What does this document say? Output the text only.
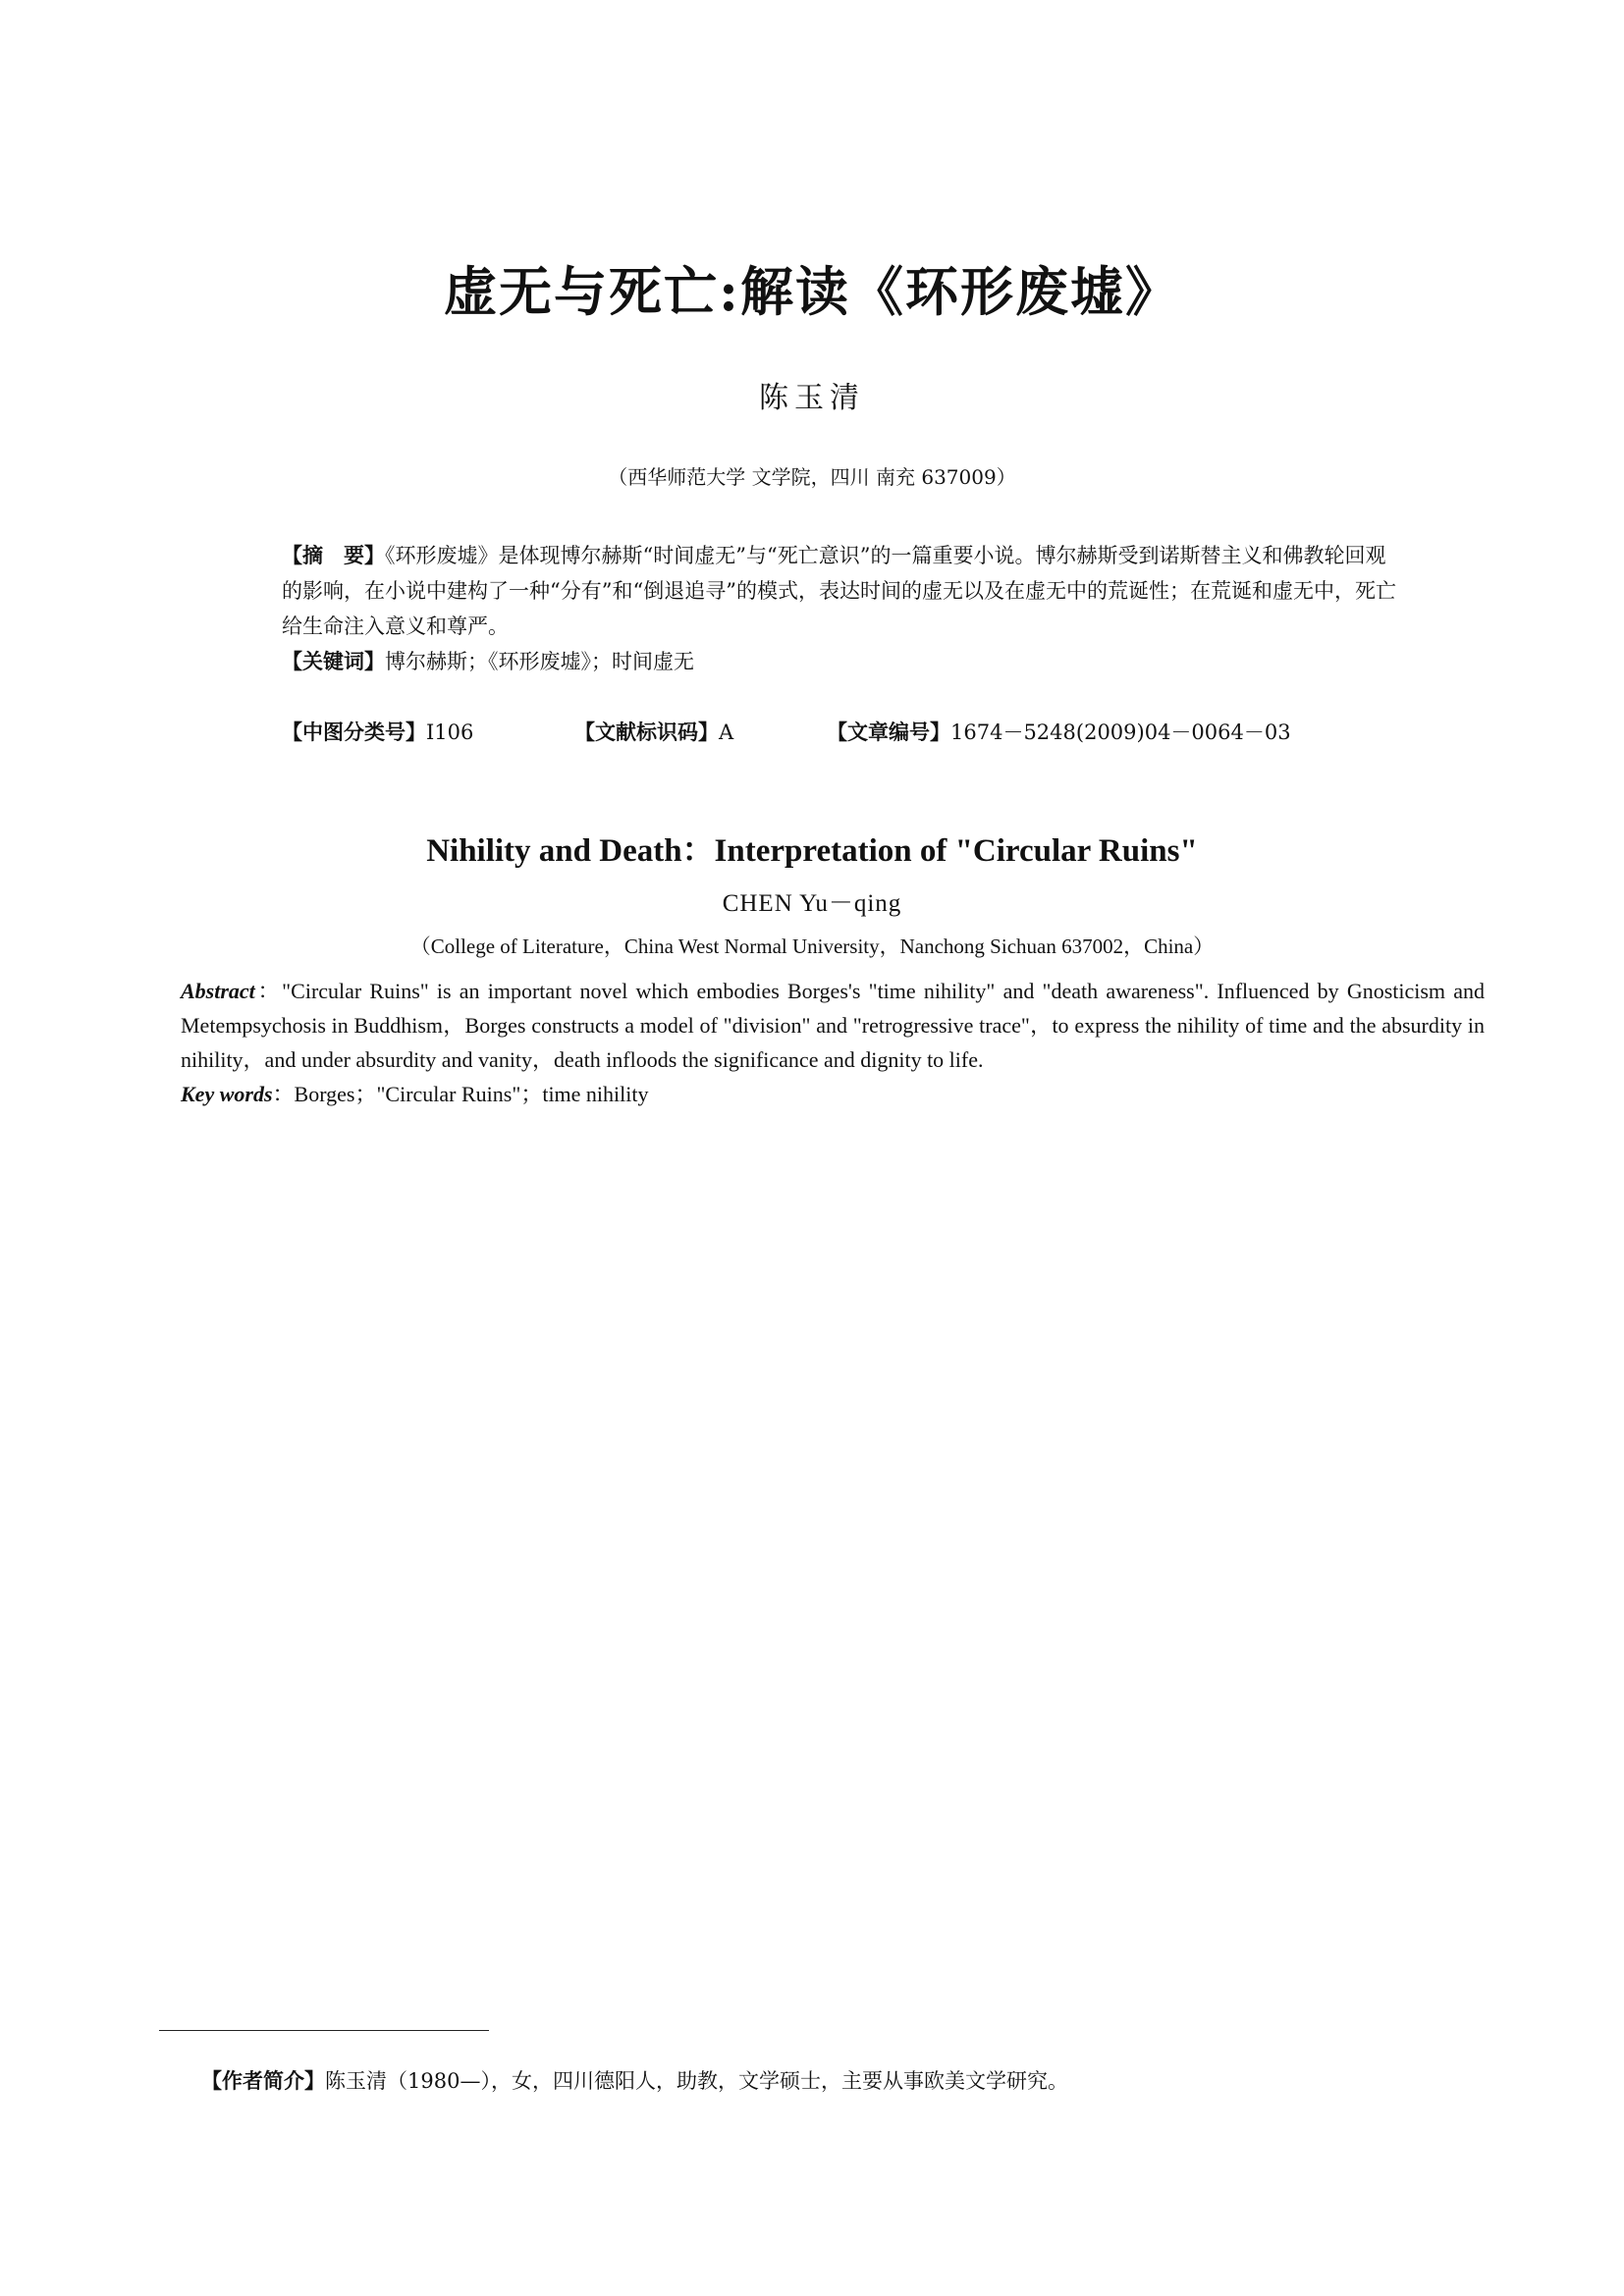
虚无与死亡:解读《环形废墟》
陈玉清
（西华师范大学 文学院，四川 南充 637009）

【摘　要】《环形废墟》是体现博尔赫斯“时间虚无”与“死亡意识”的一篇重要小说。博尔赫斯受到诺斯替主义和佛教轮回观的影响，在小说中建构了一种“分有”和“倒退追寻”的模式，表达时间的虚无以及在虚无中的荒诞性；在荒诞和虚无中，死亡给生命注入意义和尊严。

【关键词】博尔赫斯；《环形废墟》；时间虚无

【中图分类号】I106	【文献标识码】A	【文章编号】1674－5248(2009)04－0064－03
Nihility and Death：Interpretation of "Circular Ruins"
CHEN Yu－qing
（College of Literature，China West Normal University，Nanchong Sichuan 637002，China）

Abstract："Circular Ruins" is an important novel which embodies Borges's "time nihility" and "death awareness". Influenced by Gnosticism and Metempsychosis in Buddhism，Borges constructs a model of "division" and "retrogressive trace"，to express the nihility of time and the absurdity in nihility，and under absurdity and vanity，death infloods the significance and dignity to life.

Key words：Borges；"Circular Ruins"；time nihility

【作者简介】陈玉清（1980—），女，四川德阳人，助教，文学硕士，主要从事欧美文学研究。
